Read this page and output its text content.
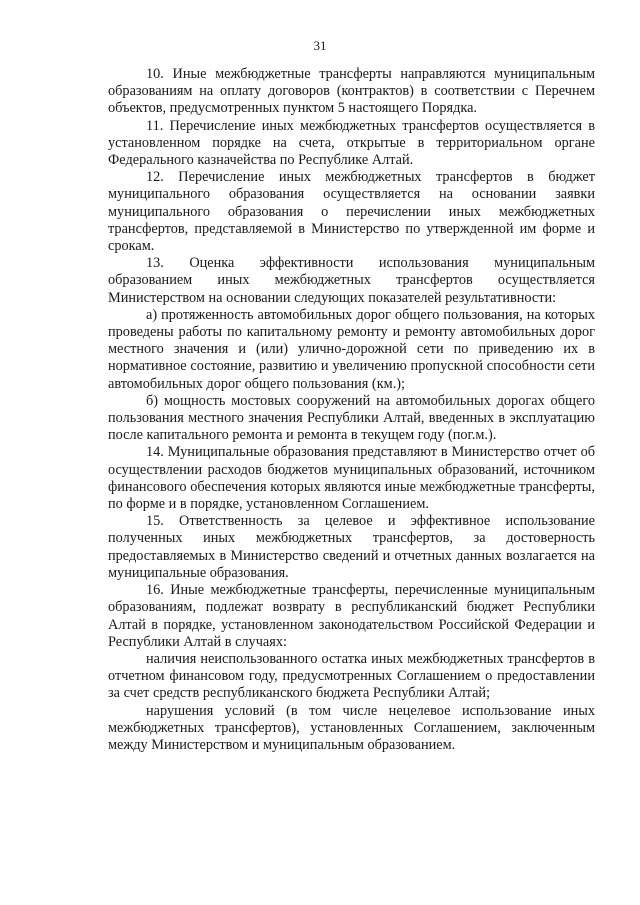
31

10. Иные межбюджетные трансферты направляются муниципальным образованиям на оплату договоров (контрактов) в соответствии с Перечнем объектов, предусмотренных пунктом 5 настоящего Порядка.

11. Перечисление иных межбюджетных трансфертов осуществляется в установленном порядке на счета, открытые в территориальном органе Федерального казначейства по Республике Алтай.

12. Перечисление иных межбюджетных трансфертов в бюджет муниципального образования осуществляется на основании заявки муниципального образования о перечислении иных межбюджетных трансфертов, представляемой в Министерство по утвержденной им форме и срокам.

13. Оценка эффективности использования муниципальным образованием иных межбюджетных трансфертов осуществляется Министерством на основании следующих показателей результативности:

а) протяженность автомобильных дорог общего пользования, на которых проведены работы по капитальному ремонту и ремонту автомобильных дорог местного значения и (или) улично-дорожной сети по приведению их в нормативное состояние, развитию и увеличению пропускной способности сети автомобильных дорог общего пользования (км.);

б) мощность мостовых сооружений на автомобильных дорогах общего пользования местного значения Республики Алтай, введенных в эксплуатацию после капитального ремонта и ремонта в текущем году (пог.м.).

14. Муниципальные образования представляют в Министерство отчет об осуществлении расходов бюджетов муниципальных образований, источником финансового обеспечения которых являются иные межбюджетные трансферты, по форме и в порядке, установленном Соглашением.

15. Ответственность за целевое и эффективное использование полученных иных межбюджетных трансфертов, за достоверность предоставляемых в Министерство сведений и отчетных данных возлагается на муниципальные образования.

16. Иные межбюджетные трансферты, перечисленные муниципальным образованиям, подлежат возврату в республиканский бюджет Республики Алтай в порядке, установленном законодательством Российской Федерации и Республики Алтай в случаях:

наличия неиспользованного остатка иных межбюджетных трансфертов в отчетном финансовом году, предусмотренных Соглашением о предоставлении за счет средств республиканского бюджета Республики Алтай;

нарушения условий (в том числе нецелевое использование иных межбюджетных трансфертов), установленных Соглашением, заключенным между Министерством и муниципальным образованием.
